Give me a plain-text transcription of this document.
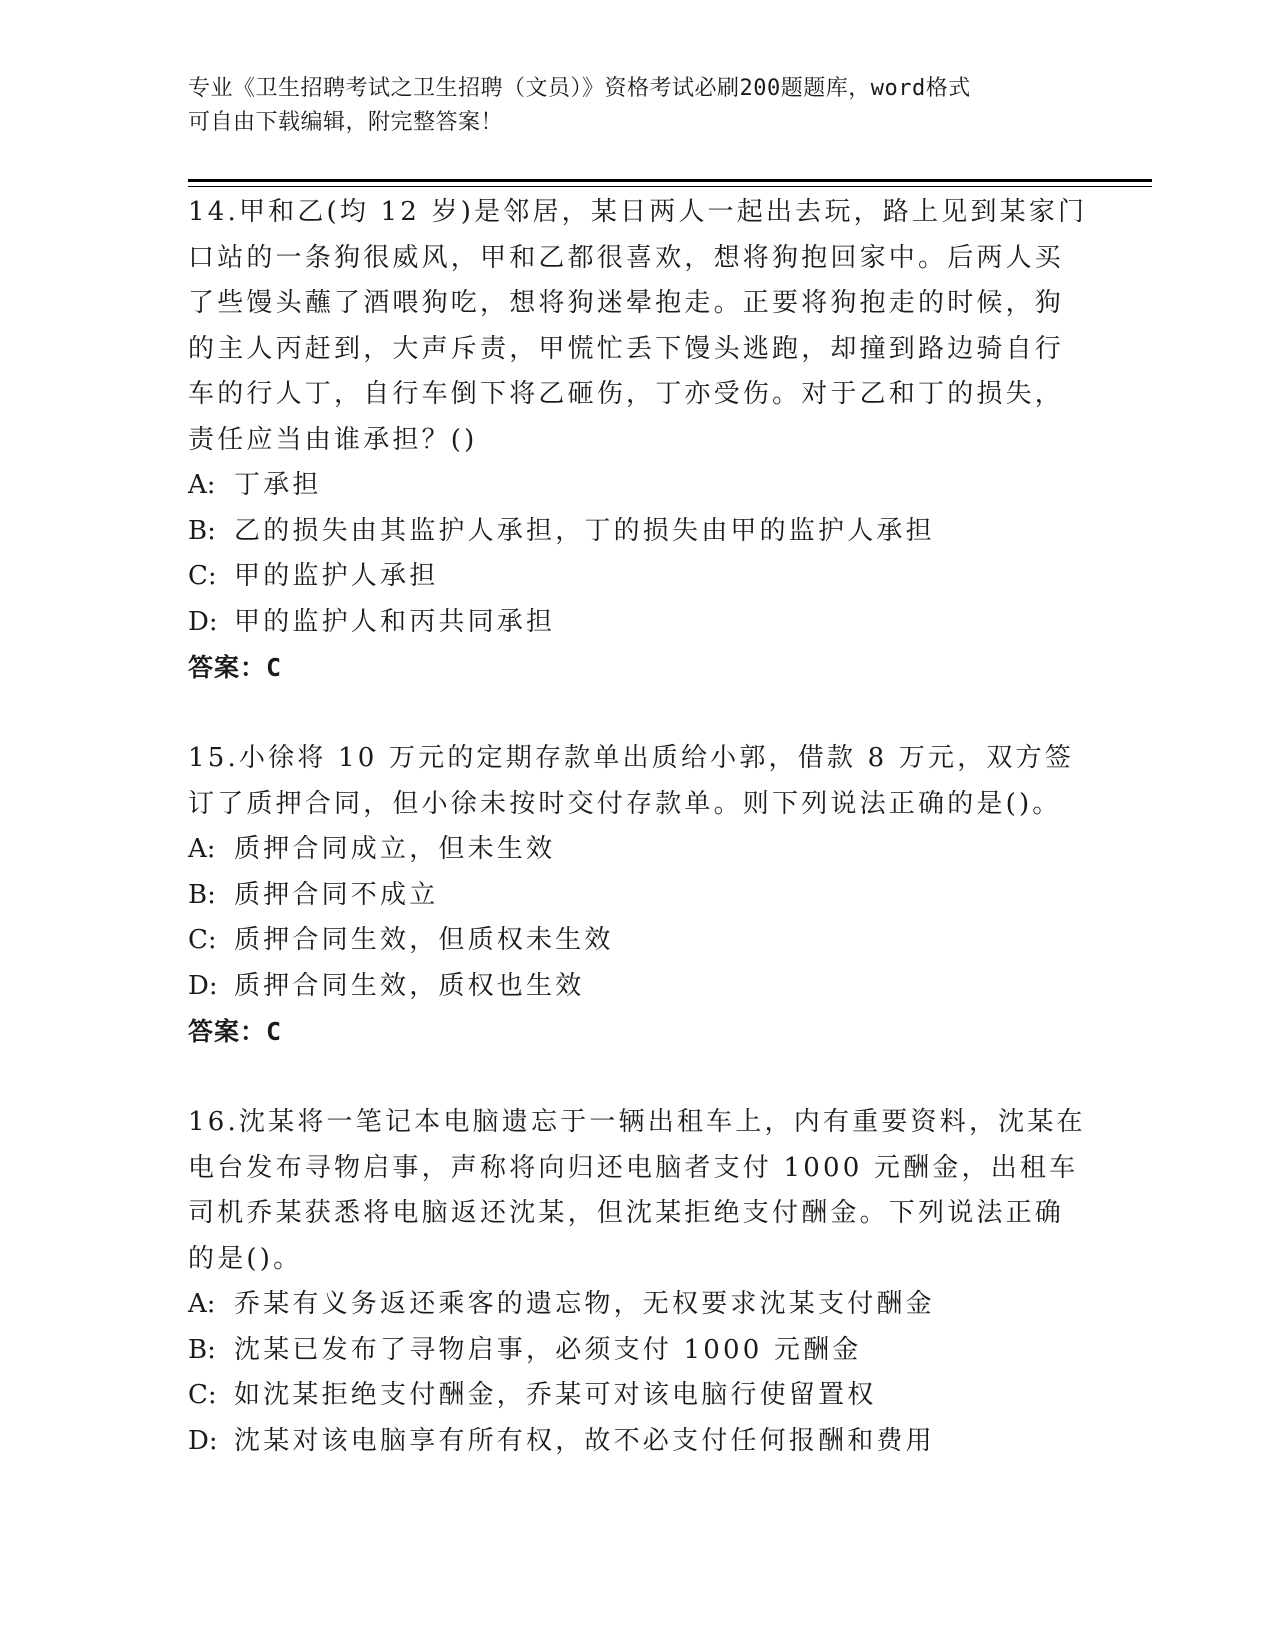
专业《卫生招聘考试之卫生招聘（文员）》资格考试必刷200题题库，word格式
可自由下载编辑，附完整答案！

14.甲和乙(均 12 岁)是邻居，某日两人一起出去玩，路上见到某家门口站的一条狗很威风，甲和乙都很喜欢，想将狗抱回家中。后两人买了些馒头蘸了酒喂狗吃，想将狗迷晕抱走。正要将狗抱走的时候，狗的主人丙赶到，大声斥责，甲慌忙丢下馒头逃跑，却撞到路边骑自行车的行人丁，自行车倒下将乙砸伤，丁亦受伤。对于乙和丁的损失，责任应当由谁承担？()

A: 丁承担

B: 乙的损失由其监护人承担，丁的损失由甲的监护人承担

C: 甲的监护人承担

D: 甲的监护人和丙共同承担

答案：C

15.小徐将 10 万元的定期存款单出质给小郭，借款 8 万元，双方签订了质押合同，但小徐未按时交付存款单。则下列说法正确的是()。

A: 质押合同成立，但未生效

B: 质押合同不成立

C: 质押合同生效，但质权未生效

D: 质押合同生效，质权也生效

答案：C

16.沈某将一笔记本电脑遗忘于一辆出租车上，内有重要资料，沈某在电台发布寻物启事，声称将向归还电脑者支付 1000 元酬金，出租车司机乔某获悉将电脑返还沈某，但沈某拒绝支付酬金。下列说法正确的是()。

A: 乔某有义务返还乘客的遗忘物，无权要求沈某支付酬金

B: 沈某已发布了寻物启事，必须支付 1000 元酬金

C: 如沈某拒绝支付酬金，乔某可对该电脑行使留置权

D: 沈某对该电脑享有所有权，故不必支付任何报酬和费用
